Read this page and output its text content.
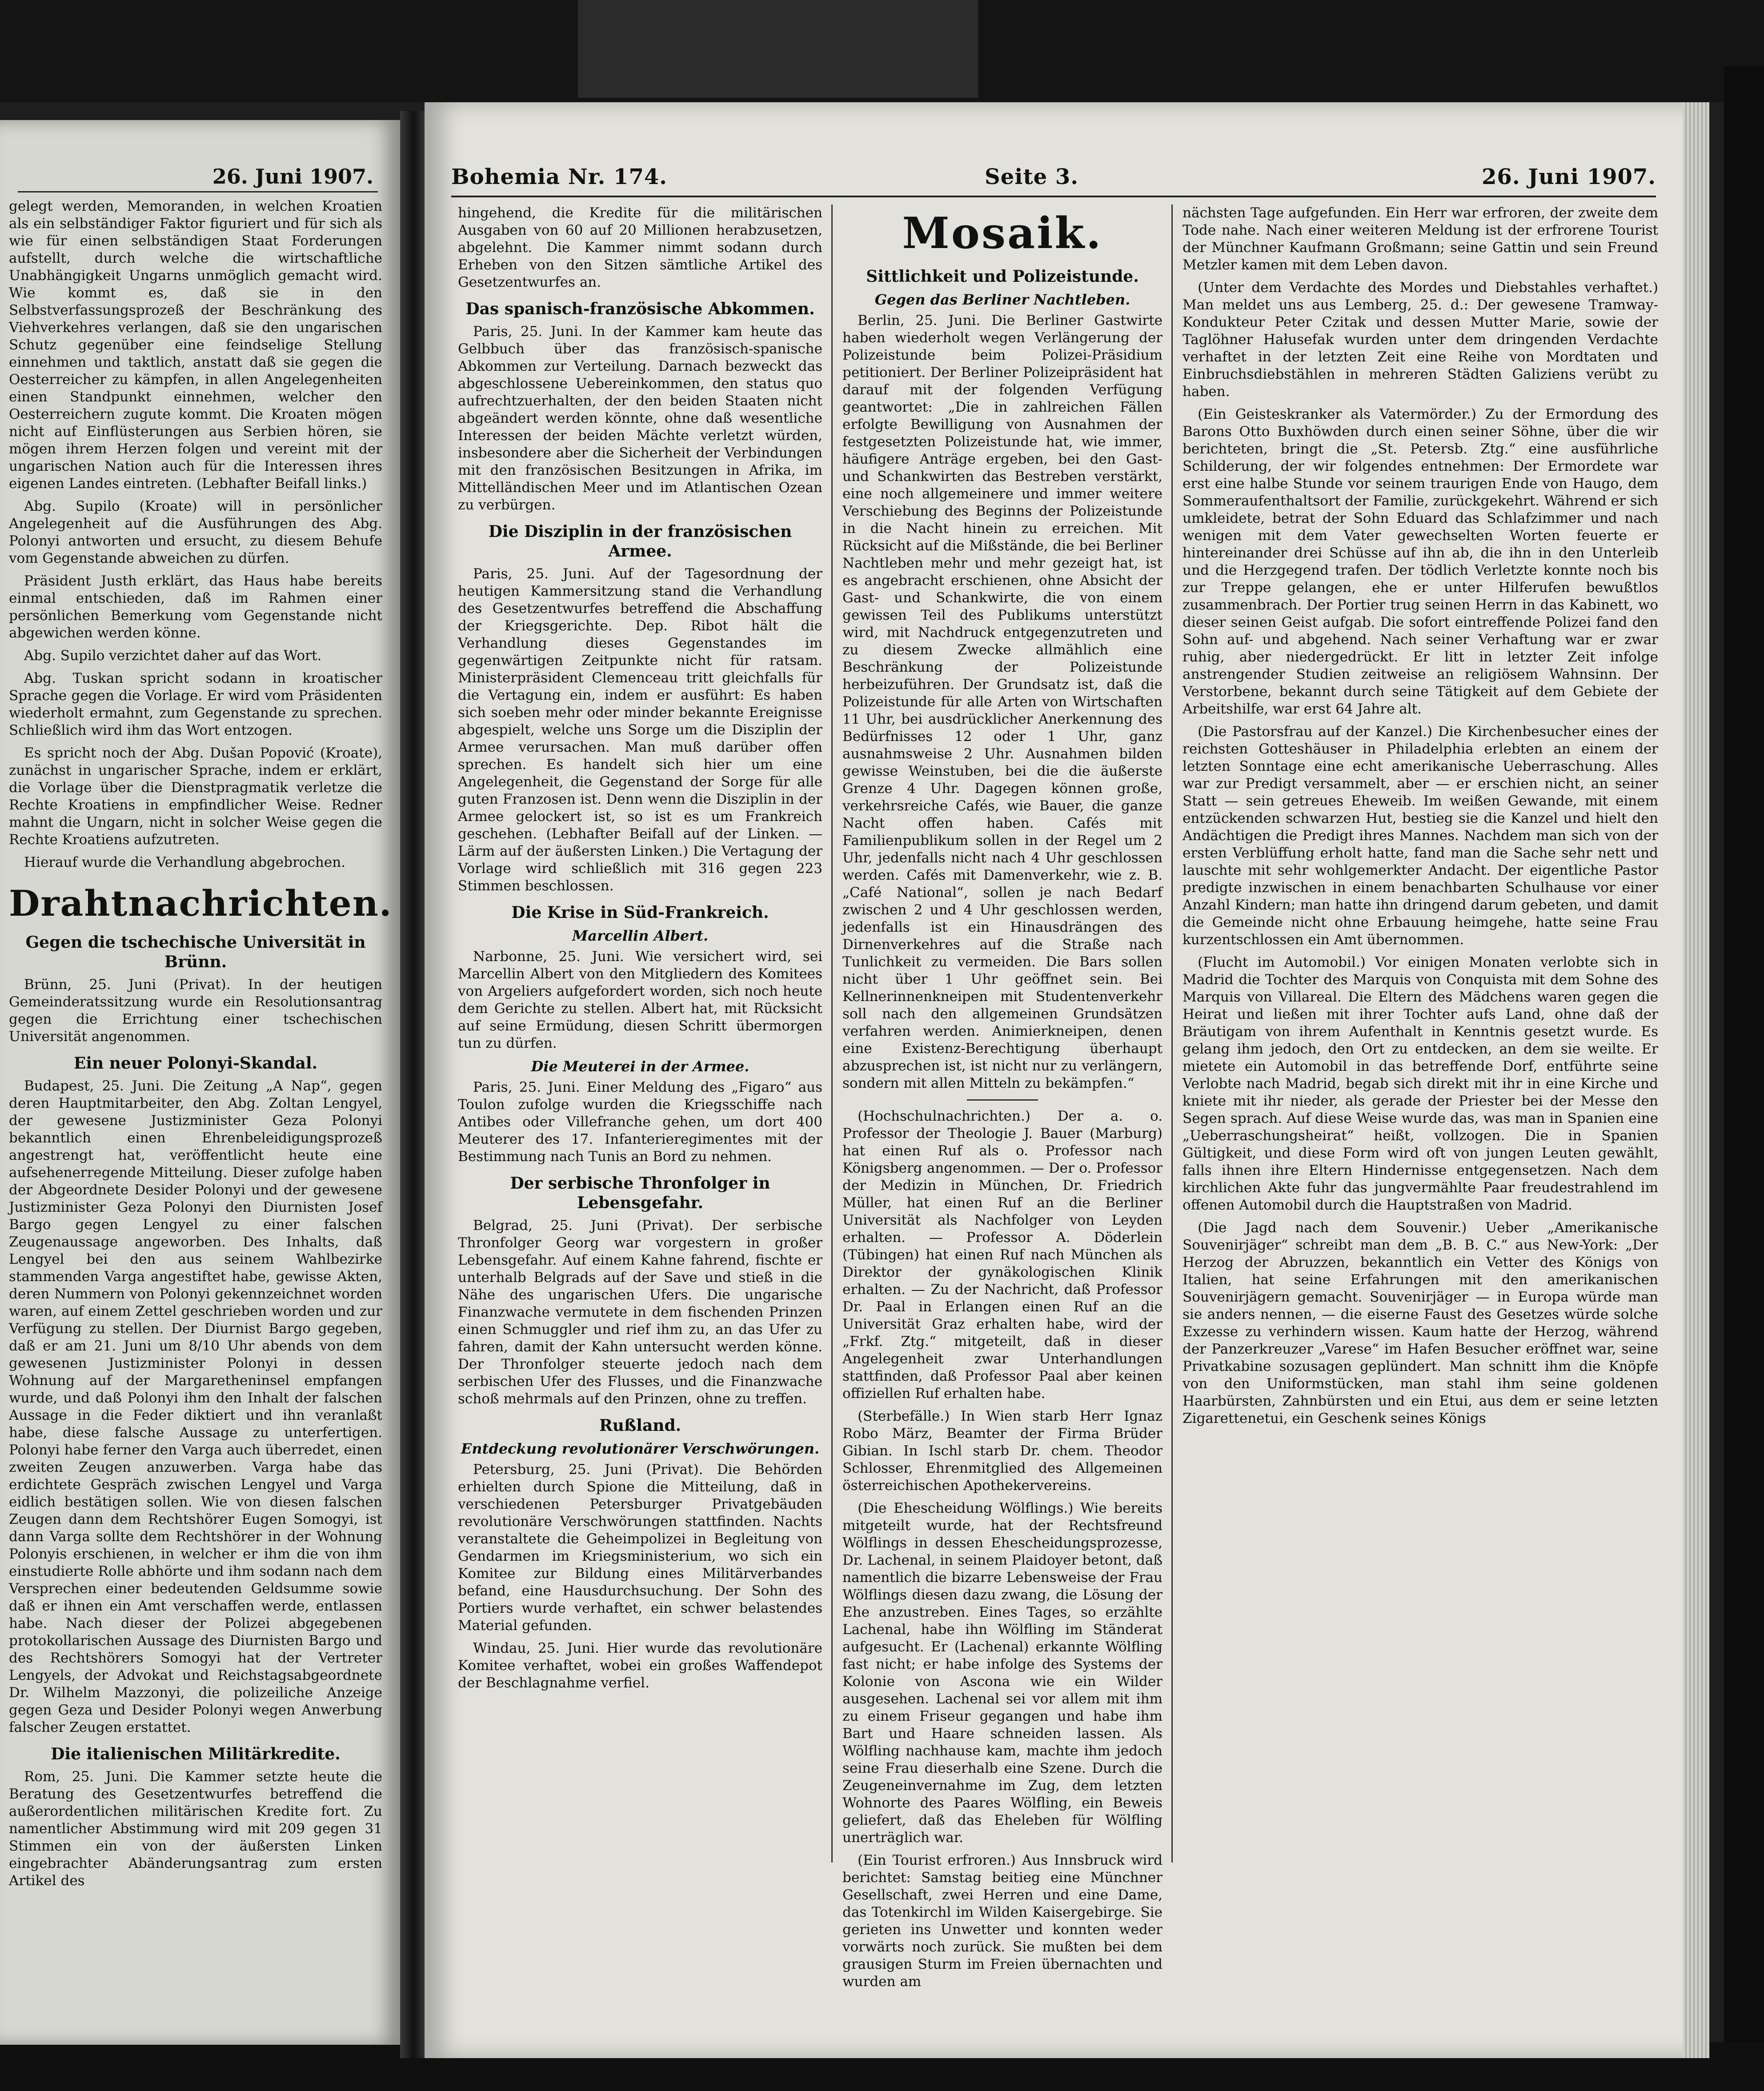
26. Juni 1907.

gelegt werden, Memoranden, in welchen Kroatien als ein selbständiger Faktor figuriert und für sich als wie für einen selbständigen Staat Forderungen aufstellt, durch welche die wirtschaftliche Unabhängigkeit Ungarns unmöglich gemacht wird. Wie kommt es, daß sie in den Selbstverfassungsprozeß der Beschränkung des Viehverkehres verlangen, daß sie den ungarischen Schutz gegenüber eine feindselige Stellung einnehmen und taktlich, anstatt daß sie gegen die Oesterreicher zu kämpfen, in allen Angelegenheiten einen Standpunkt einnehmen, welcher den Oesterreichern zugute kommt. Die Kroaten mögen nicht auf Einflüsterungen aus Serbien hören, sie mögen ihrem Herzen folgen und vereint mit der ungarischen Nation auch für die Interessen ihres eigenen Landes eintreten. (Lebhafter Beifall links.)

Abg. Supilo (Kroate) will in persönlicher Angelegenheit auf die Ausführungen des Abg. Polonyi antworten und ersucht, zu diesem Behufe vom Gegenstande abweichen zu dürfen.

Präsident Justh erklärt, das Haus habe bereits einmal entschieden, daß im Rahmen einer persönlichen Bemerkung vom Gegenstande nicht abgewichen werden könne.

Abg. Supilo verzichtet daher auf das Wort.

Abg. Tuskan spricht sodann in kroatischer Sprache gegen die Vorlage. Er wird vom Präsidenten wiederholt ermahnt, zum Gegenstande zu sprechen. Schließlich wird ihm das Wort entzogen.

Es spricht noch der Abg. Dušan Popović (Kroate), zunächst in ungarischer Sprache, indem er erklärt, die Vorlage über die Dienstpragmatik verletze die Rechte Kroatiens in empfindlicher Weise. Redner mahnt die Ungarn, nicht in solcher Weise gegen die Rechte Kroatiens aufzutreten.

Hierauf wurde die Verhandlung abgebrochen.

Drahtnachrichten.
Gegen die tschechische Universität in Brünn.

Brünn, 25. Juni (Privat). In der heutigen Gemeinderatssitzung wurde ein Resolutionsantrag gegen die Errichtung einer tschechischen Universität angenommen.

Ein neuer Polonyi-Skandal.

Budapest, 25. Juni. Die Zeitung „A Nap“, gegen deren Hauptmitarbeiter, den Abg. Zoltan Lengyel, der gewesene Justizminister Geza Polonyi bekanntlich einen Ehrenbeleidigungsprozeß angestrengt hat, veröffentlicht heute eine aufsehenerregende Mitteilung. Dieser zufolge haben der Abgeordnete Desider Polonyi und der gewesene Justizminister Geza Polonyi den Diurnisten Josef Bargo gegen Lengyel zu einer falschen Zeugenaussage angeworben. Des Inhalts, daß Lengyel bei den aus seinem Wahlbezirke stammenden Varga angestiftet habe, gewisse Akten, deren Nummern von Polonyi gekennzeichnet worden waren, auf einem Zettel geschrieben worden und zur Verfügung zu stellen. Der Diurnist Bargo gegeben, daß er am 21. Juni um 8/10 Uhr abends von dem gewesenen Justizminister Polonyi in dessen Wohnung auf der Margaretheninsel empfangen wurde, und daß Polonyi ihm den Inhalt der falschen Aussage in die Feder diktiert und ihn veranlaßt habe, diese falsche Aussage zu unterfertigen. Polonyi habe ferner den Varga auch überredet, einen zweiten Zeugen anzuwerben. Varga habe das erdichtete Gespräch zwischen Lengyel und Varga eidlich bestätigen sollen. Wie von diesen falschen Zeugen dann dem Rechtshörer Eugen Somogyi, ist dann Varga sollte dem Rechtshörer in der Wohnung Polonyis erschienen, in welcher er ihm die von ihm einstudierte Rolle abhörte und ihm sodann nach dem Versprechen einer bedeutenden Geldsumme sowie daß er ihnen ein Amt verschaffen werde, entlassen habe. Nach dieser der Polizei abgegebenen protokollarischen Aussage des Diurnisten Bargo und des Rechtshörers Somogyi hat der Vertreter Lengyels, der Advokat und Reichstagsabgeordnete Dr. Wilhelm Mazzonyi, die polizeiliche Anzeige gegen Geza und Desider Polonyi wegen Anwerbung falscher Zeugen erstattet.

Die italienischen Militärkredite.

Rom, 25. Juni. Die Kammer setzte heute die Beratung des Gesetzentwurfes betreffend die außerordentlichen militärischen Kredite fort. Zu namentlicher Abstimmung wird mit 209 gegen 31 Stimmen ein von der äußersten Linken eingebrachter Abänderungsantrag zum ersten Artikel des

Bohemia Nr. 174.	Seite 3.	26. Juni 1907.

hingehend, die Kredite für die militärischen Ausgaben von 60 auf 20 Millionen herabzusetzen, abgelehnt. Die Kammer nimmt sodann durch Erheben von den Sitzen sämtliche Artikel des Gesetzentwurfes an.

Das spanisch-französische Abkommen.

Paris, 25. Juni. In der Kammer kam heute das Gelbbuch über das französisch-spanische Abkommen zur Verteilung. Darnach bezweckt das abgeschlossene Uebereinkommen, den status quo aufrechtzuerhalten, der den beiden Staaten nicht abgeändert werden könnte, ohne daß wesentliche Interessen der beiden Mächte verletzt würden, insbesondere aber die Sicherheit der Verbindungen mit den französischen Besitzungen in Afrika, im Mittelländischen Meer und im Atlantischen Ozean zu verbürgen.

Die Disziplin in der französischen Armee.

Paris, 25. Juni. Auf der Tagesordnung der heutigen Kammersitzung stand die Verhandlung des Gesetzentwurfes betreffend die Abschaffung der Kriegsgerichte. Dep. Ribot hält die Verhandlung dieses Gegenstandes im gegenwärtigen Zeitpunkte nicht für ratsam. Ministerpräsident Clemenceau tritt gleichfalls für die Vertagung ein, indem er ausführt: Es haben sich soeben mehr oder minder bekannte Ereignisse abgespielt, welche uns Sorge um die Disziplin der Armee verursachen. Man muß darüber offen sprechen. Es handelt sich hier um eine Angelegenheit, die Gegenstand der Sorge für alle guten Franzosen ist. Denn wenn die Disziplin in der Armee gelockert ist, so ist es um Frankreich geschehen. (Lebhafter Beifall auf der Linken. — Lärm auf der äußersten Linken.) Die Vertagung der Vorlage wird schließlich mit 316 gegen 223 Stimmen beschlossen.

Die Krise in Süd-Frankreich.
Marcellin Albert.

Narbonne, 25. Juni. Wie versichert wird, sei Marcellin Albert von den Mitgliedern des Komitees von Argeliers aufgefordert worden, sich noch heute dem Gerichte zu stellen. Albert hat, mit Rücksicht auf seine Ermüdung, diesen Schritt übermorgen tun zu dürfen.

Die Meuterei in der Armee.

Paris, 25. Juni. Einer Meldung des „Figaro“ aus Toulon zufolge wurden die Kriegsschiffe nach Antibes oder Villefranche gehen, um dort 400 Meuterer des 17. Infanterieregimentes mit der Bestimmung nach Tunis an Bord zu nehmen.

Der serbische Thronfolger in Lebensgefahr.

Belgrad, 25. Juni (Privat). Der serbische Thronfolger Georg war vorgestern in großer Lebensgefahr. Auf einem Kahne fahrend, fischte er unterhalb Belgrads auf der Save und stieß in die Nähe des ungarischen Ufers. Die ungarische Finanzwache vermutete in dem fischenden Prinzen einen Schmuggler und rief ihm zu, an das Ufer zu fahren, damit der Kahn untersucht werden könne. Der Thronfolger steuerte jedoch nach dem serbischen Ufer des Flusses, und die Finanzwache schoß mehrmals auf den Prinzen, ohne zu treffen.

Rußland.
Entdeckung revolutionärer Verschwörungen.

Petersburg, 25. Juni (Privat). Die Behörden erhielten durch Spione die Mitteilung, daß in verschiedenen Petersburger Privatgebäuden revolutionäre Verschwörungen stattfinden. Nachts veranstaltete die Geheimpolizei in Begleitung von Gendarmen im Kriegsministerium, wo sich ein Komitee zur Bildung eines Militärverbandes befand, eine Hausdurchsuchung. Der Sohn des Portiers wurde verhaftet, ein schwer belastendes Material gefunden.

Windau, 25. Juni. Hier wurde das revolutionäre Komitee verhaftet, wobei ein großes Waffendepot der Beschlagnahme verfiel.

Mosaik.
Sittlichkeit und Polizeistunde.
Gegen das Berliner Nachtleben.

Berlin, 25. Juni. Die Berliner Gastwirte haben wiederholt wegen Verlängerung der Polizeistunde beim Polizei-Präsidium petitioniert. Der Berliner Polizeipräsident hat darauf mit der folgenden Verfügung geantwortet: „Die in zahlreichen Fällen erfolgte Bewilligung von Ausnahmen der festgesetzten Polizeistunde hat, wie immer, häufigere Anträge ergeben, bei den Gast- und Schankwirten das Bestreben verstärkt, eine noch allgemeinere und immer weitere Verschiebung des Beginns der Polizeistunde in die Nacht hinein zu erreichen. Mit Rücksicht auf die Mißstände, die bei Berliner Nachtleben mehr und mehr gezeigt hat, ist es angebracht erschienen, ohne Absicht der Gast- und Schankwirte, die von einem gewissen Teil des Publikums unterstützt wird, mit Nachdruck entgegenzutreten und zu diesem Zwecke allmählich eine Beschränkung der Polizeistunde herbeizuführen. Der Grundsatz ist, daß die Polizeistunde für alle Arten von Wirtschaften 11 Uhr, bei ausdrücklicher Anerkennung des Bedürfnisses 12 oder 1 Uhr, ganz ausnahmsweise 2 Uhr. Ausnahmen bilden gewisse Weinstuben, bei die die äußerste Grenze 4 Uhr. Dagegen können große, verkehrsreiche Cafés, wie Bauer, die ganze Nacht offen haben. Cafés mit Familienpublikum sollen in der Regel um 2 Uhr, jedenfalls nicht nach 4 Uhr geschlossen werden. Cafés mit Damenverkehr, wie z. B. „Café National“, sollen je nach Bedarf zwischen 2 und 4 Uhr geschlossen werden, jedenfalls ist ein Hinausdrängen des Dirnenverkehres auf die Straße nach Tunlichkeit zu vermeiden. Die Bars sollen nicht über 1 Uhr geöffnet sein. Bei Kellnerinnenkneipen mit Studentenverkehr soll nach den allgemeinen Grundsätzen verfahren werden. Animierkneipen, denen eine Existenz-Berechtigung überhaupt abzusprechen ist, ist nicht nur zu verlängern, sondern mit allen Mitteln zu bekämpfen.“

(Hochschulnachrichten.) Der a. o. Professor der Theologie J. Bauer (Marburg) hat einen Ruf als o. Professor nach Königsberg angenommen. — Der o. Professor der Medizin in München, Dr. Friedrich Müller, hat einen Ruf an die Berliner Universität als Nachfolger von Leyden erhalten. — Professor A. Döderlein (Tübingen) hat einen Ruf nach München als Direktor der gynäkologischen Klinik erhalten. — Zu der Nachricht, daß Professor Dr. Paal in Erlangen einen Ruf an die Universität Graz erhalten habe, wird der „Frkf. Ztg.“ mitgeteilt, daß in dieser Angelegenheit zwar Unterhandlungen stattfinden, daß Professor Paal aber keinen offiziellen Ruf erhalten habe.

(Sterbefälle.) In Wien starb Herr Ignaz Robo März, Beamter der Firma Brüder Gibian. In Ischl starb Dr. chem. Theodor Schlosser, Ehrenmitglied des Allgemeinen österreichischen Apothekervereins.

(Die Ehescheidung Wölflings.) Wie bereits mitgeteilt wurde, hat der Rechtsfreund Wölflings in dessen Ehescheidungsprozesse, Dr. Lachenal, in seinem Plaidoyer betont, daß namentlich die bizarre Lebensweise der Frau Wölflings diesen dazu zwang, die Lösung der Ehe anzustreben. Eines Tages, so erzählte Lachenal, habe ihn Wölfling im Ständerat aufgesucht. Er (Lachenal) erkannte Wölfling fast nicht; er habe infolge des Systems der Kolonie von Ascona wie ein Wilder ausgesehen. Lachenal sei vor allem mit ihm zu einem Friseur gegangen und habe ihm Bart und Haare schneiden lassen. Als Wölfling nachhause kam, machte ihm jedoch seine Frau dieserhalb eine Szene. Durch die Zeugeneinvernahme im Zug, dem letzten Wohnorte des Paares Wölfling, ein Beweis geliefert, daß das Eheleben für Wölfling unerträglich war.

(Ein Tourist erfroren.) Aus Innsbruck wird berichtet: Samstag beitieg eine Münchner Gesellschaft, zwei Herren und eine Dame, das Totenkirchl im Wilden Kaisergebirge. Sie gerieten ins Unwetter und konnten weder vorwärts noch zurück. Sie mußten bei dem grausigen Sturm im Freien übernachten und wurden am

nächsten Tage aufgefunden. Ein Herr war erfroren, der zweite dem Tode nahe. Nach einer weiteren Meldung ist der erfrorene Tourist der Münchner Kaufmann Großmann; seine Gattin und sein Freund Metzler kamen mit dem Leben davon.

(Unter dem Verdachte des Mordes und Diebstahles verhaftet.) Man meldet uns aus Lemberg, 25. d.: Der gewesene Tramway-Kondukteur Peter Czitak und dessen Mutter Marie, sowie der Taglöhner Hałusefak wurden unter dem dringenden Verdachte verhaftet in der letzten Zeit eine Reihe von Mordtaten und Einbruchsdiebstählen in mehreren Städten Galiziens verübt zu haben.

(Ein Geisteskranker als Vatermörder.) Zu der Ermordung des Barons Otto Buxhöwden durch einen seiner Söhne, über die wir berichteten, bringt die „St. Petersb. Ztg.“ eine ausführliche Schilderung, der wir folgendes entnehmen: Der Ermordete war erst eine halbe Stunde vor seinem traurigen Ende von Haugo, dem Sommeraufenthaltsort der Familie, zurückgekehrt. Während er sich umkleidete, betrat der Sohn Eduard das Schlafzimmer und nach wenigen mit dem Vater gewechselten Worten feuerte er hintereinander drei Schüsse auf ihn ab, die ihn in den Unterleib und die Herzgegend trafen. Der tödlich Verletzte konnte noch bis zur Treppe gelangen, ehe er unter Hilferufen bewußtlos zusammenbrach. Der Portier trug seinen Herrn in das Kabinett, wo dieser seinen Geist aufgab. Die sofort eintreffende Polizei fand den Sohn auf- und abgehend. Nach seiner Verhaftung war er zwar ruhig, aber niedergedrückt. Er litt in letzter Zeit infolge anstrengender Studien zeitweise an religiösem Wahnsinn. Der Verstorbene, bekannt durch seine Tätigkeit auf dem Gebiete der Arbeitshilfe, war erst 64 Jahre alt.

(Die Pastorsfrau auf der Kanzel.) Die Kirchenbesucher eines der reichsten Gotteshäuser in Philadelphia erlebten an einem der letzten Sonntage eine echt amerikanische Ueberraschung. Alles war zur Predigt versammelt, aber — er erschien nicht, an seiner Statt — sein getreues Eheweib. Im weißen Gewande, mit einem entzückenden schwarzen Hut, bestieg sie die Kanzel und hielt den Andächtigen die Predigt ihres Mannes. Nachdem man sich von der ersten Verblüffung erholt hatte, fand man die Sache sehr nett und lauschte mit sehr wohlgemerkter Andacht. Der eigentliche Pastor predigte inzwischen in einem benachbarten Schulhause vor einer Anzahl Kindern; man hatte ihn dringend darum gebeten, und damit die Gemeinde nicht ohne Erbauung heimgehe, hatte seine Frau kurzentschlossen ein Amt übernommen.

(Flucht im Automobil.) Vor einigen Monaten verlobte sich in Madrid die Tochter des Marquis von Conquista mit dem Sohne des Marquis von Villareal. Die Eltern des Mädchens waren gegen die Heirat und ließen mit ihrer Tochter aufs Land, ohne daß der Bräutigam von ihrem Aufenthalt in Kenntnis gesetzt wurde. Es gelang ihm jedoch, den Ort zu entdecken, an dem sie weilte. Er mietete ein Automobil in das betreffende Dorf, entführte seine Verlobte nach Madrid, begab sich direkt mit ihr in eine Kirche und kniete mit ihr nieder, als gerade der Priester bei der Messe den Segen sprach. Auf diese Weise wurde das, was man in Spanien eine „Ueberraschungsheirat“ heißt, vollzogen. Die in Spanien Gültigkeit, und diese Form wird oft von jungen Leuten gewählt, falls ihnen ihre Eltern Hindernisse entgegensetzen. Nach dem kirchlichen Akte fuhr das jungvermählte Paar freudestrahlend im offenen Automobil durch die Hauptstraßen von Madrid.

(Die Jagd nach dem Souvenir.) Ueber „Amerikanische Souvenirjäger“ schreibt man dem „B. B. C.“ aus New-York: „Der Herzog der Abruzzen, bekanntlich ein Vetter des Königs von Italien, hat seine Erfahrungen mit den amerikanischen Souvenirjägern gemacht. Souvenirjäger — in Europa würde man sie anders nennen, — die eiserne Faust des Gesetzes würde solche Exzesse zu verhindern wissen. Kaum hatte der Herzog, während der Panzerkreuzer „Varese“ im Hafen Besucher eröffnet war, seine Privatkabine sozusagen geplündert. Man schnitt ihm die Knöpfe von den Uniformstücken, man stahl ihm seine goldenen Haarbürsten, Zahnbürsten und ein Etui, aus dem er seine letzten Zigarettenetui, ein Geschenk seines Königs
